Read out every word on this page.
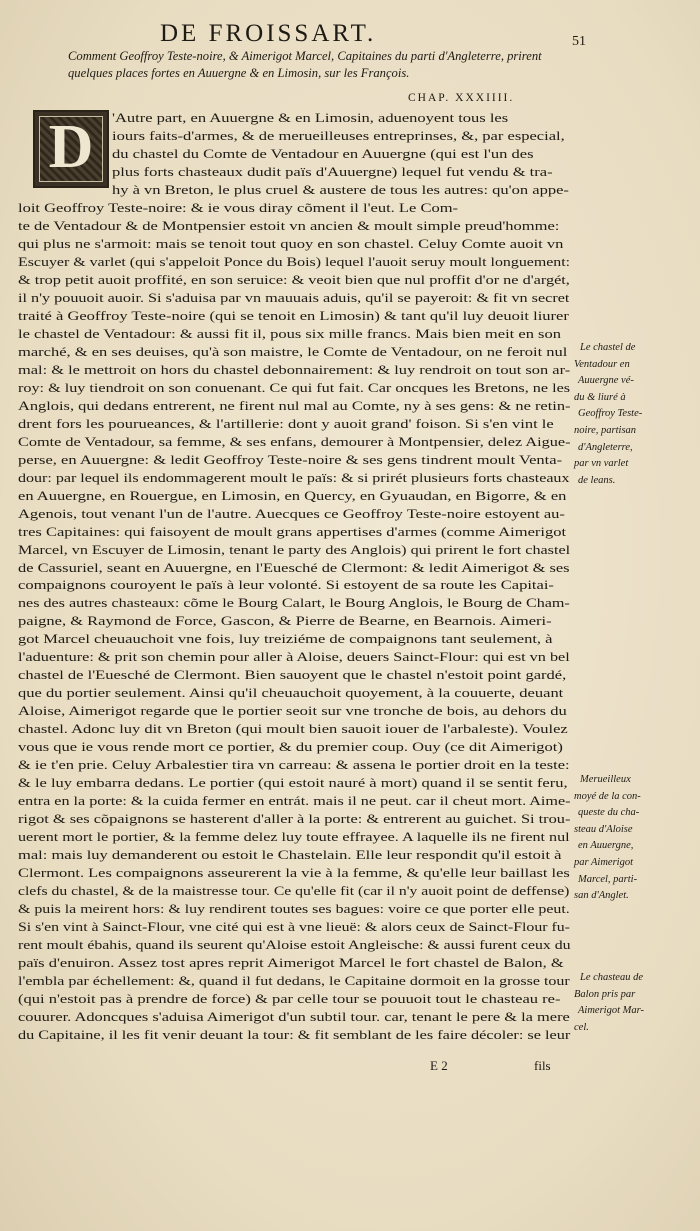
DE FROISSART.	51
Comment Geoffroy Teste-noire, & Aimerigot Marcel, Capitaines du parti d'Angleterre, prirent quelques places fortes en Auuergne & en Limosin, sur les François.
CHAP. XXXIIII.
D	'Autre part, en Auuergne & en Limosin, aduenoyent tous les
iours faits-d'armes, & de merueilleuses entreprinses, &, par especial,
du chastel du Comte de Ventadour en Auuergne (qui est l'un des
plus forts chasteaux dudit païs d'Auuergne) lequel fut vendu & tra-
hy à vn Breton, le plus cruel & austere de tous les autres: qu'on appe-
loit Geoffroy Teste-noire: & ie vous diray cõment il l'eut. Le Com-
te de Ventadour & de Montpensier estoit vn ancien & moult simple preud'homme:
qui plus ne s'armoit: mais se tenoit tout quoy en son chastel. Celuy Comte auoit vn
Escuyer & varlet (qui s'appeloit Ponce du Bois) lequel l'auoit seruy moult longuement:
& trop petit auoit proffité, en son seruice: & veoit bien que nul proffit d'or ne d'argét,
il n'y pouuoit auoir. Si s'aduisa par vn mauuais aduis, qu'il se payeroit: & fit vn secret
traité à Geoffroy Teste-noire (qui se tenoit en Limosin) & tant qu'il luy deuoit liurer
le chastel de Ventadour: & aussi fit il, pous six mille francs. Mais bien meit en son
marché, & en ses deuises, qu'à son maistre, le Comte de Ventadour, on ne feroit nul
mal: & le mettroit on hors du chastel debonnairement: & luy rendroit on tout son ar-
roy: & luy tiendroit on son conuenant. Ce qui fut fait. Car oncques les Bretons, ne les
Anglois, qui dedans entrerent, ne firent nul mal au Comte, ny à ses gens: & ne retin-
drent fors les pourueances, & l'artillerie: dont y auoit grand' foison. Si s'en vint le
Comte de Ventadour, sa femme, & ses enfans, demourer à Montpensier, delez Aigue-
perse, en Auuergne: & ledit Geoffroy Teste-noire & ses gens tindrent moult Venta-
dour: par lequel ils endommagerent moult le païs: & si prirét plusieurs forts chasteaux
en Auuergne, en Rouergue, en Limosin, en Quercy, en Gyuaudan, en Bigorre, & en
Agenois, tout venant l'un de l'autre. Auecques ce Geoffroy Teste-noire estoyent au-
tres Capitaines: qui faisoyent de moult grans appertises d'armes (comme Aimerigot
Marcel, vn Escuyer de Limosin, tenant le party des Anglois) qui prirent le fort chastel
de Cassuriel, seant en Auuergne, en l'Euesché de Clermont: & ledit Aimerigot & ses
compaignons couroyent le païs à leur volonté. Si estoyent de sa route les Capitai-
nes des autres chasteaux: cõme le Bourg Calart, le Bourg Anglois, le Bourg de Cham-
paigne, & Raymond de Force, Gascon, & Pierre de Bearne, en Bearnois. Aimeri-
got Marcel cheuauchoit vne fois, luy treiziéme de compaignons tant seulement, à
l'aduenture: & prit son chemin pour aller à Aloise, deuers Sainct-Flour: qui est vn bel
chastel de l'Euesché de Clermont. Bien sauoyent que le chastel n'estoit point gardé,
que du portier seulement. Ainsi qu'il cheuauchoit quoyement, à la couuerte, deuant
Aloise, Aimerigot regarde que le portier seoit sur vne tronche de bois, au dehors du
chastel. Adonc luy dit vn Breton (qui moult bien sauoit iouer de l'arbaleste). Voulez
vous que ie vous rende mort ce portier, & du premier coup. Ouy (ce dit Aimerigot)
& ie t'en prie. Celuy Arbalestier tira vn carreau: & assena le portier droit en la teste:
& le luy embarra dedans. Le portier (qui estoit nauré à mort) quand il se sentit feru,
entra en la porte: & la cuida fermer en entrát. mais il ne peut. car il cheut mort. Aime-
rigot & ses cõpaignons se hasterent d'aller à la porte: & entrerent au guichet. Si trou-
uerent mort le portier, & la femme delez luy toute effrayee. A laquelle ils ne firent nul
mal: mais luy demanderent ou estoit le Chastelain. Elle leur respondit qu'il estoit à
Clermont. Les compaignons asseurerent la vie à la femme, & qu'elle leur baillast les
clefs du chastel, & de la maistresse tour. Ce qu'elle fit (car il n'y auoit point de deffense)
& puis la meirent hors: & luy rendirent toutes ses bagues: voire ce que porter elle peut.
Si s'en vint à Sainct-Flour, vne cité qui est à vne lieuë: & alors ceux de Sainct-Flour fu-
rent moult ébahis, quand ils seurent qu'Aloise estoit Angleische: & aussi furent ceux du
païs d'enuiron. Assez tost apres reprit Aimerigot Marcel le fort chastel de Balon, &
l'embla par échellement: &, quand il fut dedans, le Capitaine dormoit en la grosse tour
(qui n'estoit pas à prendre de force) & par celle tour se pouuoit tout le chasteau re-
couurer. Adoncques s'aduisa Aimerigot d'un subtil tour. car, tenant le pere & la mere
du Capitaine, il les fit venir deuant la tour: & fit semblant de les faire décoler: se leur
Le chastel de
Ventadour en
Auuergne vé-
du & liuré à
Geoffroy Teste-
noire, partisan
d'Angleterre,
par vn varlet
de leans.
Merueilleux
moyé de la con-
queste du cha-
steau d'Aloise
en Auuergne,
par Aimerigot
Marcel, parti-
san d'Anglet.
Le chasteau de
Balon pris par
Aimerigot Mar-
cel.
E 2	fils
